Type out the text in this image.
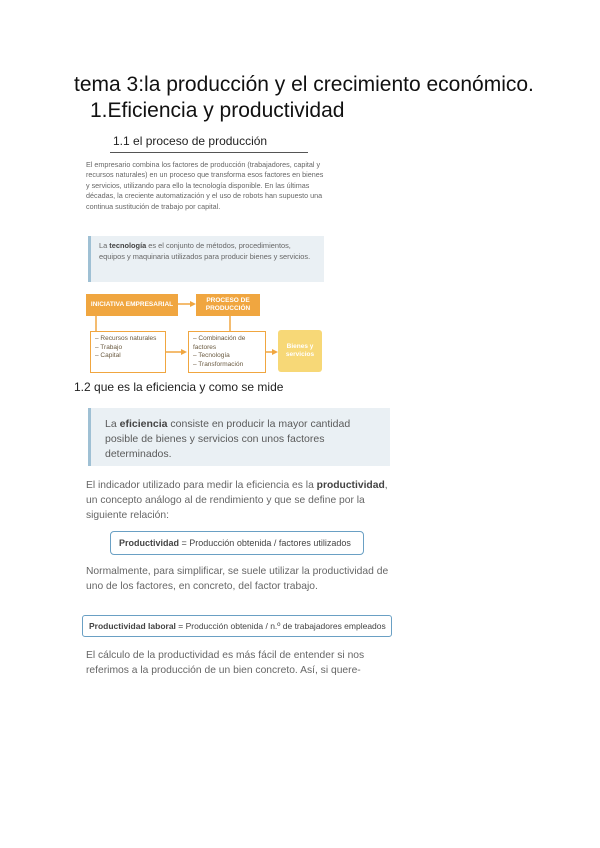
tema 3:la producción y el crecimiento económico.
1.Eficiencia y productividad
1.1 el proceso de producción
El empresario combina los factores de producción (trabajadores, capital y recursos naturales) en un proceso que transforma esos factores en bienes y servicios, utilizando para ello la tecnología disponible. En las últimas décadas, la creciente automatización y el uso de robots han supuesto una continua sustitución de trabajo por capital.
La tecnología es el conjunto de métodos, procedimientos, equipos y maquinaria utilizados para producir bienes y servicios.
INICIATIVA EMPRESARIAL
PROCESO DE PRODUCCIÓN
– Recursos naturales
– Trabajo
– Capital
– Combinación de factores
– Tecnología
– Transformación
Bienes y servicios
1.2 que es la eficiencia y como se mide
La eficiencia consiste en producir la mayor cantidad posible de bienes y servicios con unos factores determinados.
El indicador utilizado para medir la eficiencia es la productividad, un concepto análogo al de rendimiento y que se define por la siguiente relación:
Productividad
= Producción obtenida / factores utilizados
Normalmente, para simplificar, se suele utilizar la productividad de uno de los factores, en concreto, del factor trabajo.
Productividad laboral
= Producción obtenida / n.º de trabajadores empleados
El cálculo de la productividad es más fácil de entender si nos referimos a la producción de un bien concreto. Así, si quere-
